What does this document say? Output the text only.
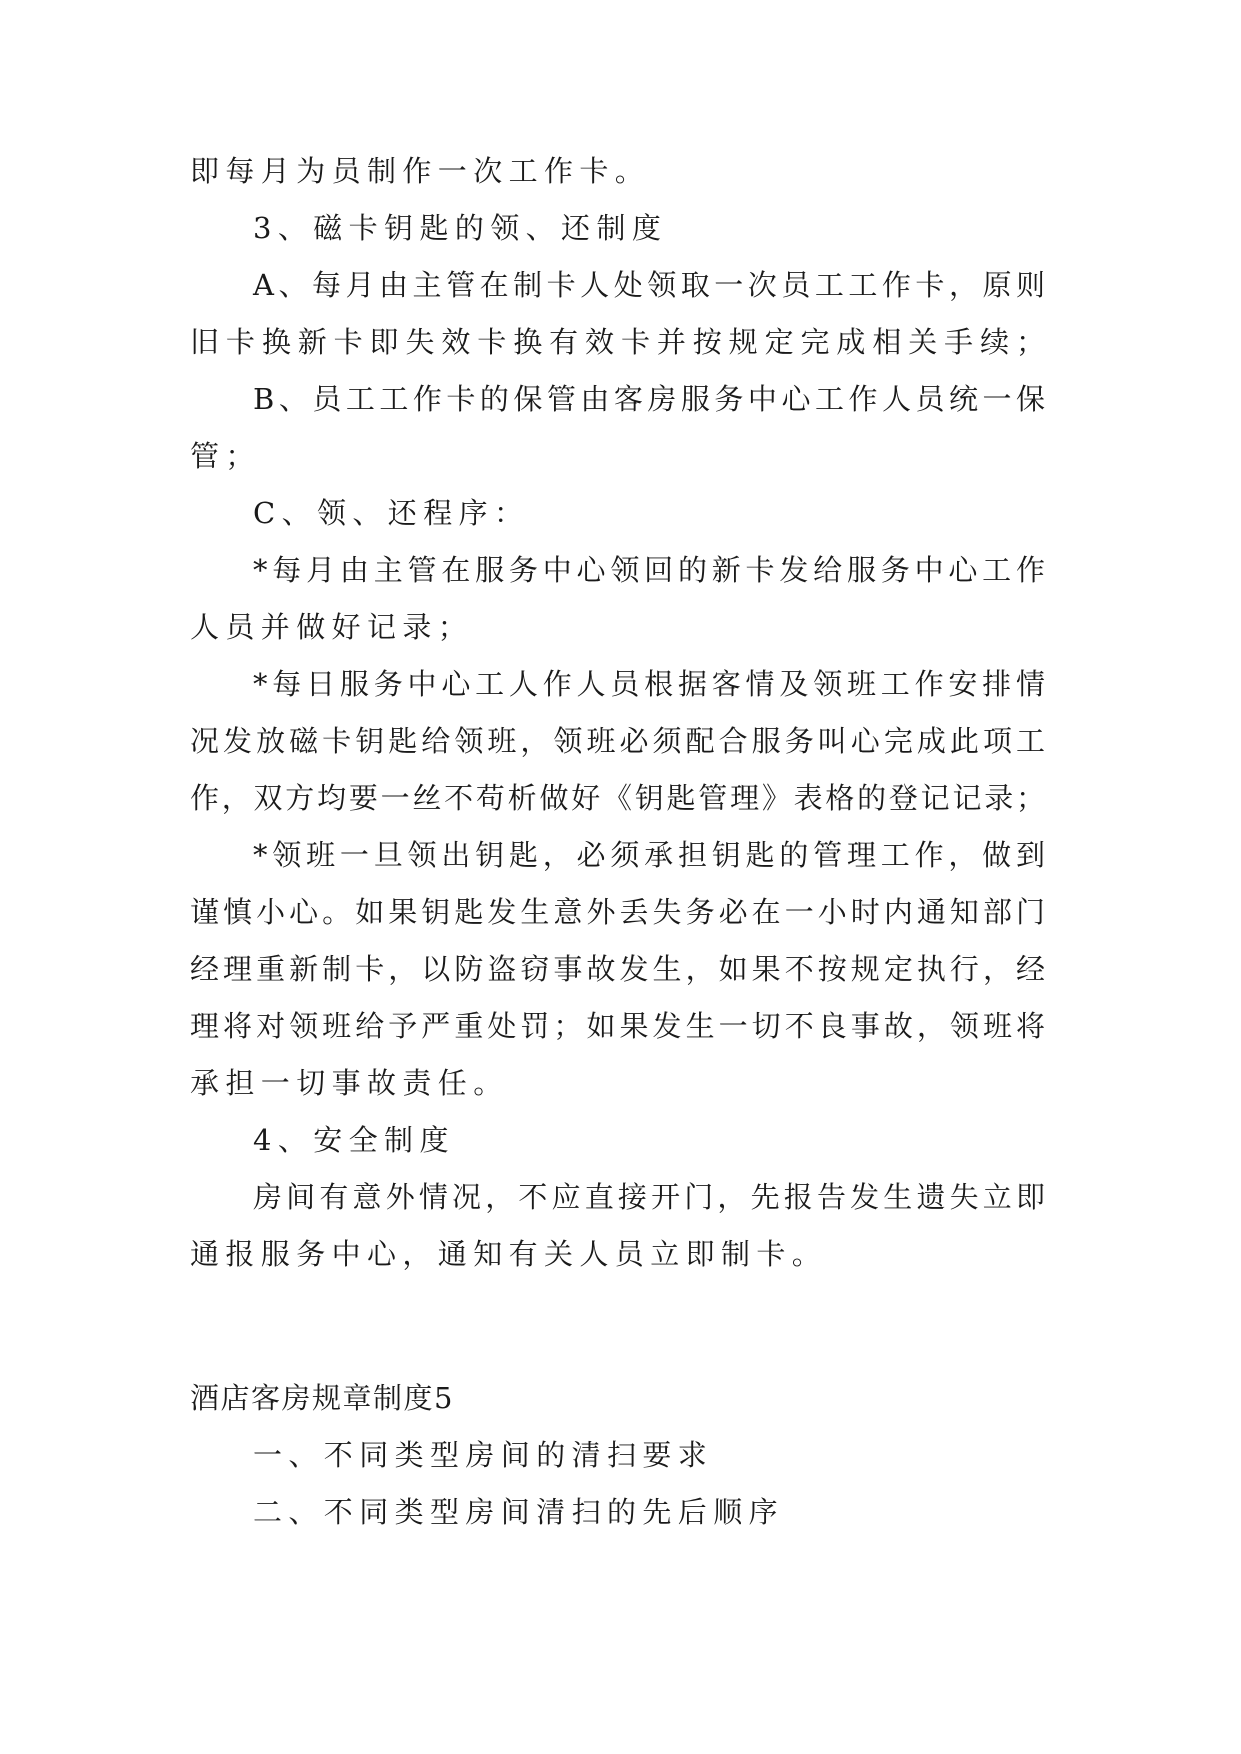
即每月为员制作一次工作卡。
3、磁卡钥匙的领、还制度
A、每月由主管在制卡人处领取一次员工工作卡，原则
旧卡换新卡即失效卡换有效卡并按规定完成相关手续；
B、员工工作卡的保管由客房服务中心工作人员统一保
管；
C、领、还程序：
*每月由主管在服务中心领回的新卡发给服务中心工作
人员并做好记录；
*每日服务中心工人作人员根据客情及领班工作安排情
况发放磁卡钥匙给领班，领班必须配合服务叫心完成此项工
作，双方均要一丝不苟析做好《钥匙管理》表格的登记记录；
*领班一旦领出钥匙，必须承担钥匙的管理工作，做到
谨慎小心。如果钥匙发生意外丢失务必在一小时内通知部门
经理重新制卡，以防盗窃事故发生，如果不按规定执行，经
理将对领班给予严重处罚；如果发生一切不良事故，领班将
承担一切事故责任。
4、安全制度
房间有意外情况，不应直接开门，先报告发生遗失立即
通报服务中心，通知有关人员立即制卡。
酒店客房规章制度5
一、不同类型房间的清扫要求
二、不同类型房间清扫的先后顺序
